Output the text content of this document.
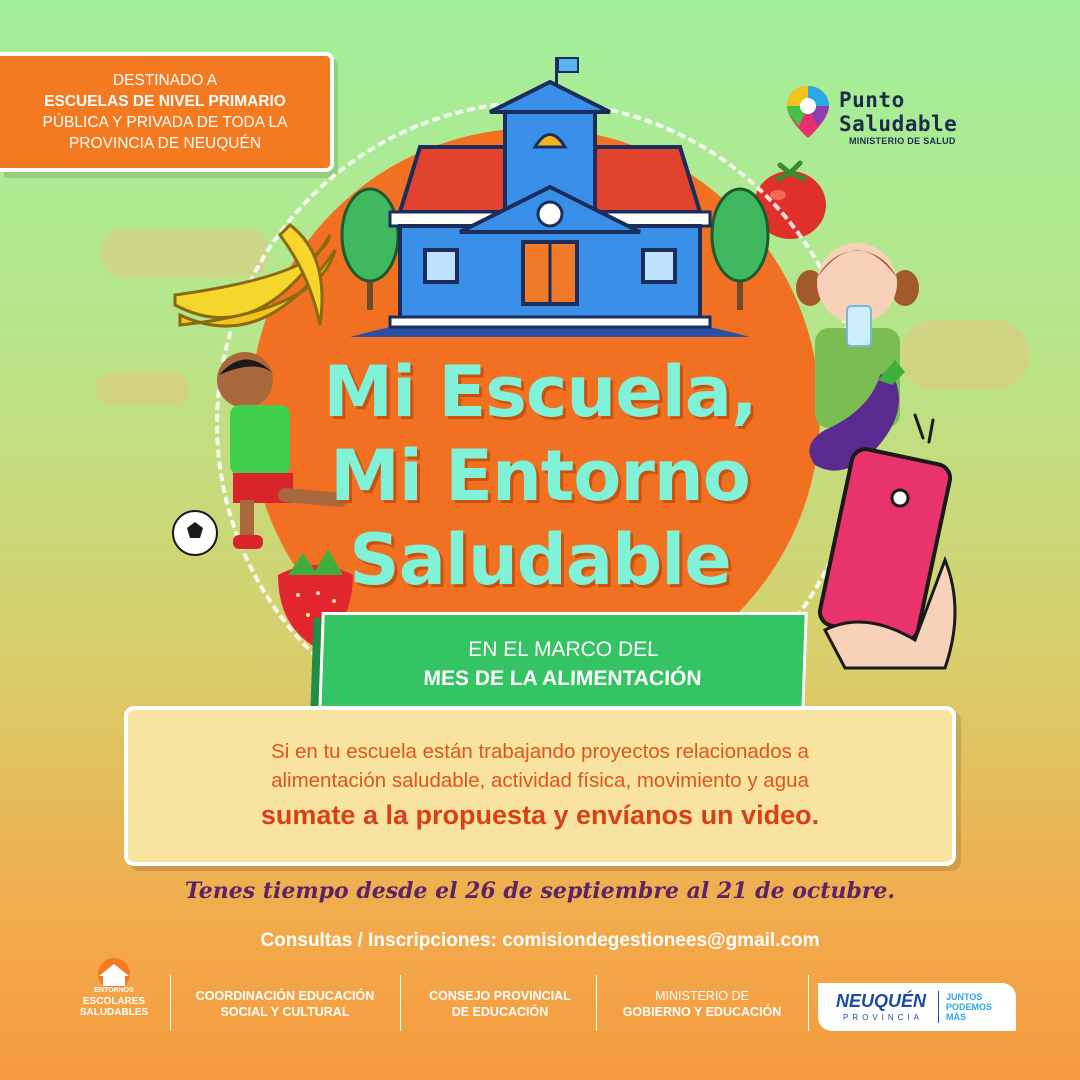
DESTINADO A
ESCUELAS DE NIVEL PRIMARIO
PÚBLICA Y PRIVADA DE TODA LA
PROVINCIA DE NEUQUÉN
Punto Saludable
MINISTERIO DE SALUD
Mi Escuela,
Mi Entorno
Saludable
EN EL MARCO DEL
MES DE LA ALIMENTACIÓN
Si en tu escuela están trabajando proyectos relacionados a
alimentación saludable, actividad física, movimiento y agua
sumate a la propuesta y envíanos un video.
Tenes tiempo desde el 26 de septiembre al 21 de octubre.
Consultas / Inscripciones: comisiondegestionees@gmail.com
ENTORNOS
ESCOLARES
SALUDABLES
COORDINACIÓN EDUCACIÓN
SOCIAL Y CULTURAL
CONSEJO PROVINCIAL
DE EDUCACIÓN
MINISTERIO DE
GOBIERNO Y EDUCACIÓN
NEUQUÉN
PROVINCIA
JUNTOS
PODEMOS
MÁS
